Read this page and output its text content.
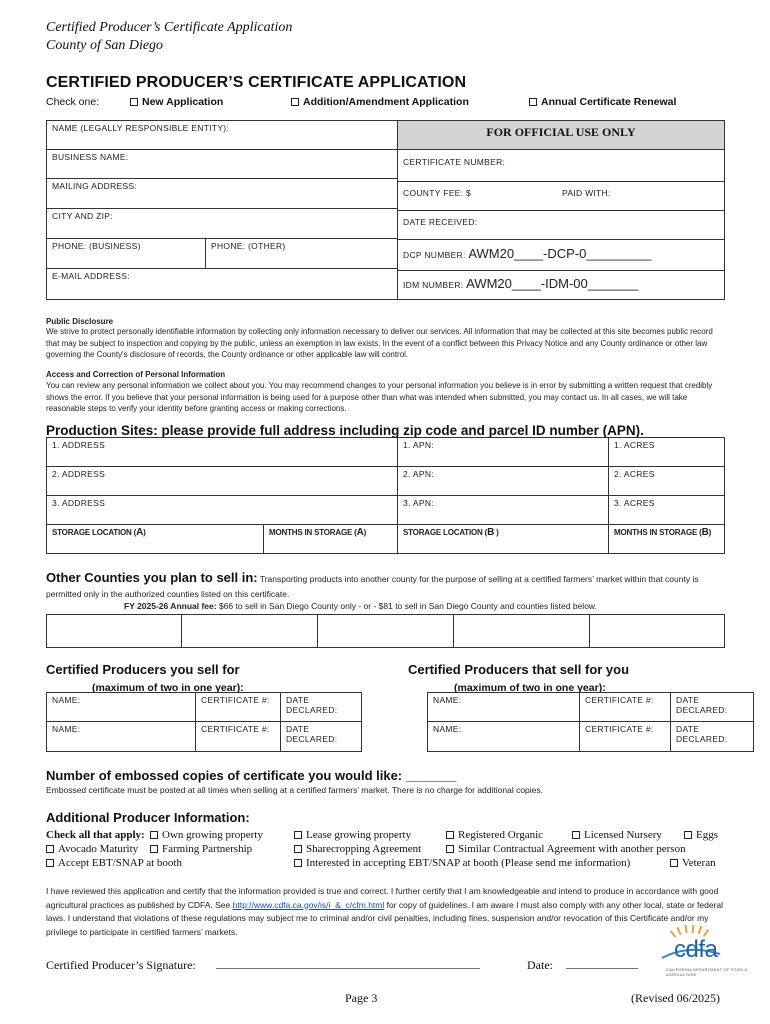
Certified Producer’s Certificate Application
County of San Diego
CERTIFIED PRODUCER’S CERTIFICATE APPLICATION
Check one:	New Application	Addition/Amendment Application	Annual Certificate Renewal
NAME (LEGALLY RESPONSIBLE ENTITY):
BUSINESS NAME:
MAILING ADDRESS:
CITY AND ZIP:
PHONE: (BUSINESS)	PHONE: (OTHER)
E-MAIL ADDRESS:
FOR OFFICIAL USE ONLY
CERTIFICATE NUMBER:
COUNTY FEE: $	PAID WITH:
DATE RECEIVED:
DCP NUMBER: AWM20____-DCP-0_________
IDM NUMBER: AWM20____-IDM-00_______
Public Disclosure
We strive to protect personally identifiable information by collecting only information necessary to deliver our services. All information that may be collected at this site becomes public record that may be subject to inspection and copying by the public, unless an exemption in law exists. In the event of a conflict between this Privacy Notice and any County ordinance or other law governing the County's disclosure of records, the County ordinance or other applicable law will control.
Access and Correction of Personal Information
You can review any personal information we collect about you. You may recommend changes to your personal information you believe is in error by submitting a written request that credibly shows the error. If you believe that your personal information is being used for a purpose other than what was intended when submitted, you may contact us. In all cases, we will take reasonable steps to verify your identity before granting access or making corrections.
Production Sites: please provide full address including zip code and parcel ID number (APN).
1. ADDRESS	1. APN:	1. ACRES
2. ADDRESS	2. APN:	2. ACRES
3. ADDRESS	3. APN:	3. ACRES
STORAGE LOCATION (A)	MONTHS IN STORAGE (A)	STORAGE LOCATION (B )	MONTHS IN STORAGE (B)
Other Counties you plan to sell in: Transporting products into another county for the purpose of selling at a certified farmers’ market within that county is permitted only in the authorized counties listed on this certificate.
FY 2025-26 Annual fee: $66 to sell in San Diego County only - or - $81 to sell in San Diego County and counties listed below.
Certified Producers you sell for
(maximum of two in one year):
NAME:	CERTIFICATE #:	DATE DECLARED:
NAME:	CERTIFICATE #:	DATE DECLARED:
Certified Producers that sell for you
(maximum of two in one year):
NAME:	CERTIFICATE #:	DATE DECLARED:
NAME:	CERTIFICATE #:	DATE DECLARED:
Number of embossed copies of certificate you would like: _______
Embossed certificate must be posted at all times when selling at a certified farmers’ market. There is no charge for additional copies.
Additional Producer Information:
Check all that apply:	Own growing property	Lease growing property	Registered Organic	Licensed Nursery	Eggs
Avocado Maturity	Farming Partnership	Sharecropping Agreement	Similar Contractual Agreement with another person
Accept EBT/SNAP at booth	Interested in accepting EBT/SNAP at booth (Please send me information)	Veteran
I have reviewed this application and certify that the information provided is true and correct. I further certify that I am knowledgeable and intend to produce in accordance with good agricultural practices as published by CDFA. See http://www.cdfa.ca.gov/is/i_&_c/cfm.html for copy of guidelines. I am aware I must also comply with any other local, state or federal laws. I understand that violations of these regulations may subject me to criminal and/or civil penalties, including fines, suspension and/or revocation of this Certificate and/or my privilege to participate in certified farmers’ markets.
Certified Producer’s Signature: ____________________________________________	Date: ____________ cdfa
CALIFORNIA DEPARTMENT OF FOOD & AGRICULTURE
Page 3	(Revised 06/2025)
